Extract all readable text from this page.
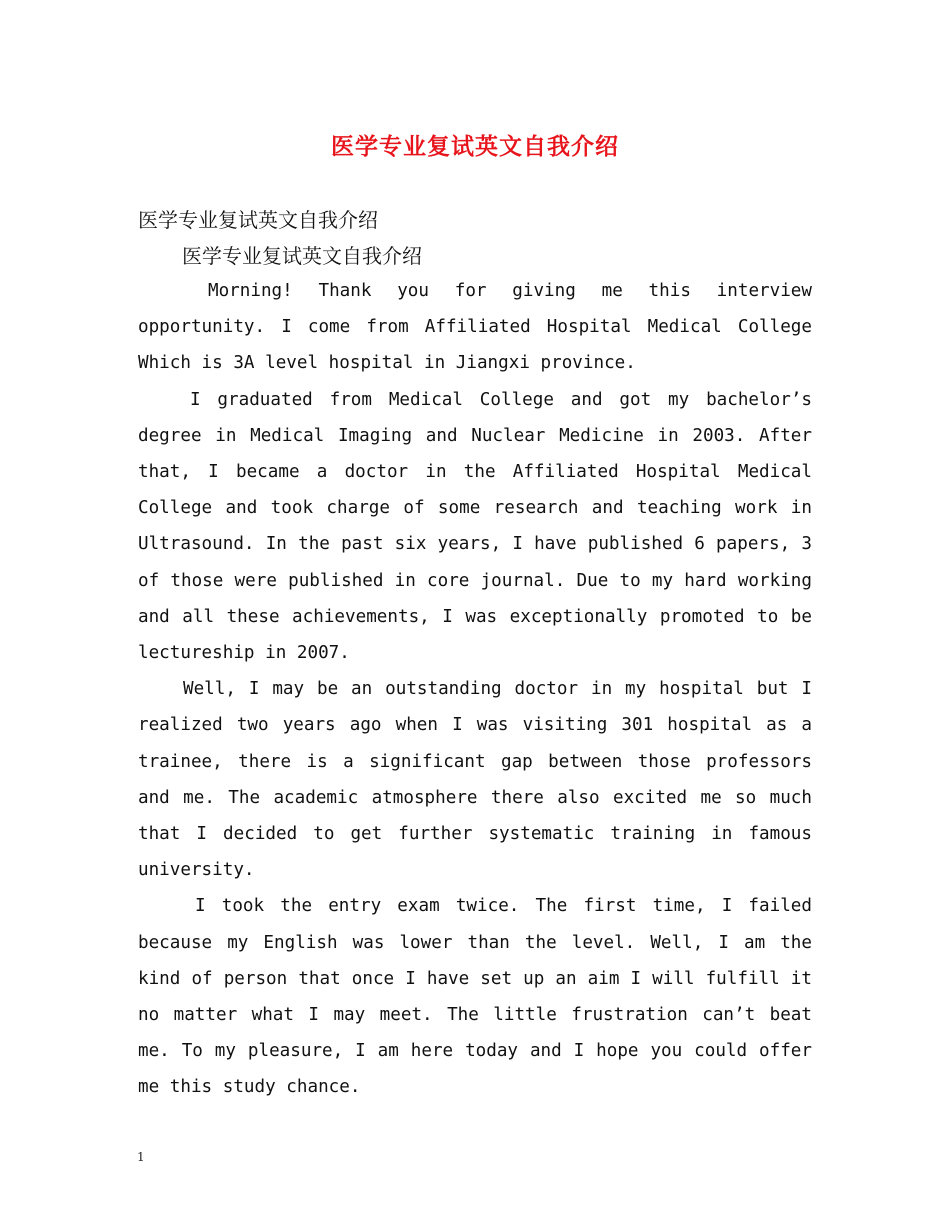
医学专业复试英文自我介绍
医学专业复试英文自我介绍
医学专业复试英文自我介绍

Morning! Thank you for giving me this interview opportunity. I come from Affiliated Hospital Medical College Which is 3A level hospital in Jiangxi province.

I graduated from Medical College and got my bachelor’s degree in Medical Imaging and Nuclear Medicine in 2003. After that, I became a doctor in the Affiliated Hospital Medical College and took charge of some research and teaching work in Ultrasound. In the past six years, I have published 6 papers, 3 of those were published in core journal. Due to my hard working and all these achievements, I was exceptionally promoted to be lectureship in 2007.

Well, I may be an outstanding doctor in my hospital but I realized two years ago when I was visiting 301 hospital as a trainee, there is a significant gap between those professors and me. The academic atmosphere there also excited me so much that I decided to get further systematic training in famous university.

I took the entry exam twice. The first time, I failed because my English was lower than the level. Well, I am the kind of person that once I have set up an aim I will fulfill it no matter what I may meet. The little frustration can’t beat me. To my pleasure, I am here today and I hope you could offer me this study chance.

1
